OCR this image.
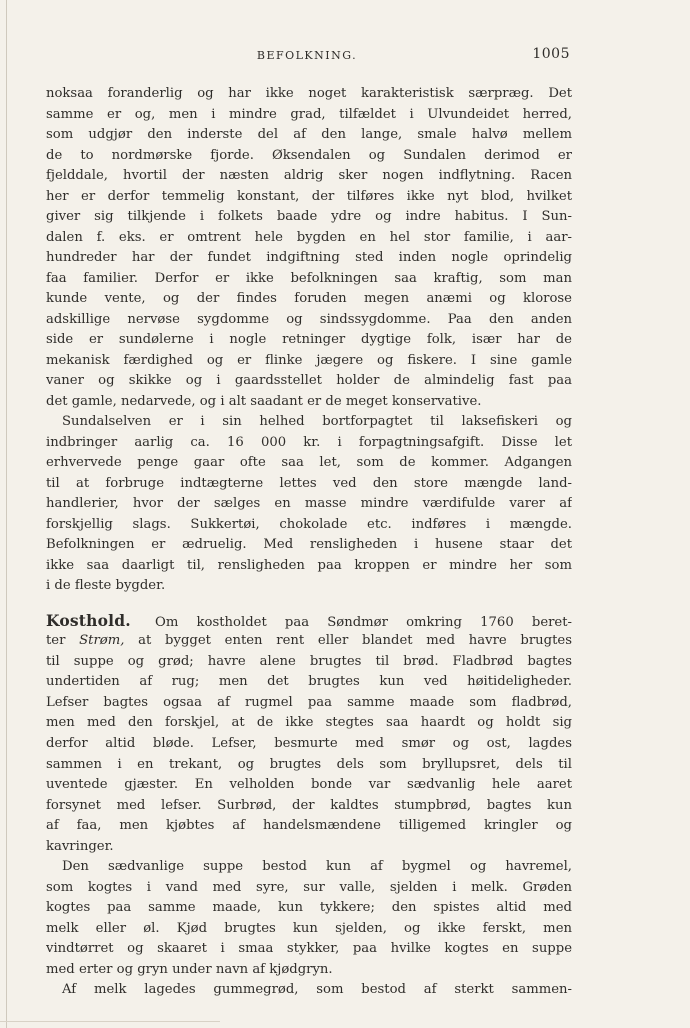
BEFOLKNING.	1005
noksaa foranderlig og har ikke noget karakteristisk særpræg. Det
samme er og, men i mindre grad, tilfældet i Ulvundeidet herred,
som udgjør den inderste del af den lange, smale halvø mellem
de to nordmørske fjorde. Øksendalen og Sundalen derimod er
fjelddale, hvortil der næsten aldrig sker nogen indflytning. Racen
her er derfor temmelig konstant, der tilføres ikke nyt blod, hvilket
giver sig tilkjende i folkets baade ydre og indre habitus. I Sun-
dalen f. eks. er omtrent hele bygden en hel stor familie, i aar-
hundreder har der fundet indgiftning sted inden nogle oprindelig
faa familier. Derfor er ikke befolkningen saa kraftig, som man
kunde vente, og der findes foruden megen anæmi og klorose
adskillige nervøse sygdomme og sindssygdomme. Paa den anden
side er sundølerne i nogle retninger dygtige folk, især har de
mekanisk færdighed og er flinke jægere og fiskere. I sine gamle
vaner og skikke og i gaardsstellet holder de almindelig fast paa
det gamle, nedarvede, og i alt saadant er de meget konservative.
Sundalselven er i sin helhed bortforpagtet til laksefiskeri og
indbringer aarlig ca. 16 000 kr. i forpagtningsafgift. Disse let
erhvervede penge gaar ofte saa let, som de kommer. Adgangen
til at forbruge indtægterne lettes ved den store mængde land-
handlerier, hvor der sælges en masse mindre værdifulde varer af
forskjellig slags. Sukkertøi, chokolade etc. indføres i mængde.
Befolkningen er ædruelig. Med rensligheden i husene staar det
ikke saa daarligt til, rensligheden paa kroppen er mindre her som
i de fleste bygder.
Kosthold. Om kostholdet paa Søndmør omkring 1760 beret-
ter Strøm, at bygget enten rent eller blandet med havre brugtes
til suppe og grød; havre alene brugtes til brød. Fladbrød bagtes
undertiden af rug; men det brugtes kun ved høitideligheder.
Lefser bagtes ogsaa af rugmel paa samme maade som fladbrød,
men med den forskjel, at de ikke stegtes saa haardt og holdt sig
derfor altid bløde. Lefser, besmurte med smør og ost, lagdes
sammen i en trekant, og brugtes dels som bryllupsret, dels til
uventede gjæster. En velholden bonde var sædvanlig hele aaret
forsynet med lefser. Surbrød, der kaldtes stumpbrød, bagtes kun
af faa, men kjøbtes af handelsmændene tilligemed kringler og
kavringer.
Den sædvanlige suppe bestod kun af bygmel og havremel,
som kogtes i vand med syre, sur valle, sjelden i melk. Grøden
kogtes paa samme maade, kun tykkere; den spistes altid med
melk eller øl. Kjød brugtes kun sjelden, og ikke ferskt, men
vindtørret og skaaret i smaa stykker, paa hvilke kogtes en suppe
med erter og gryn under navn af kjødgryn.
Af melk lagedes gummegrød, som bestod af sterkt sammen-
